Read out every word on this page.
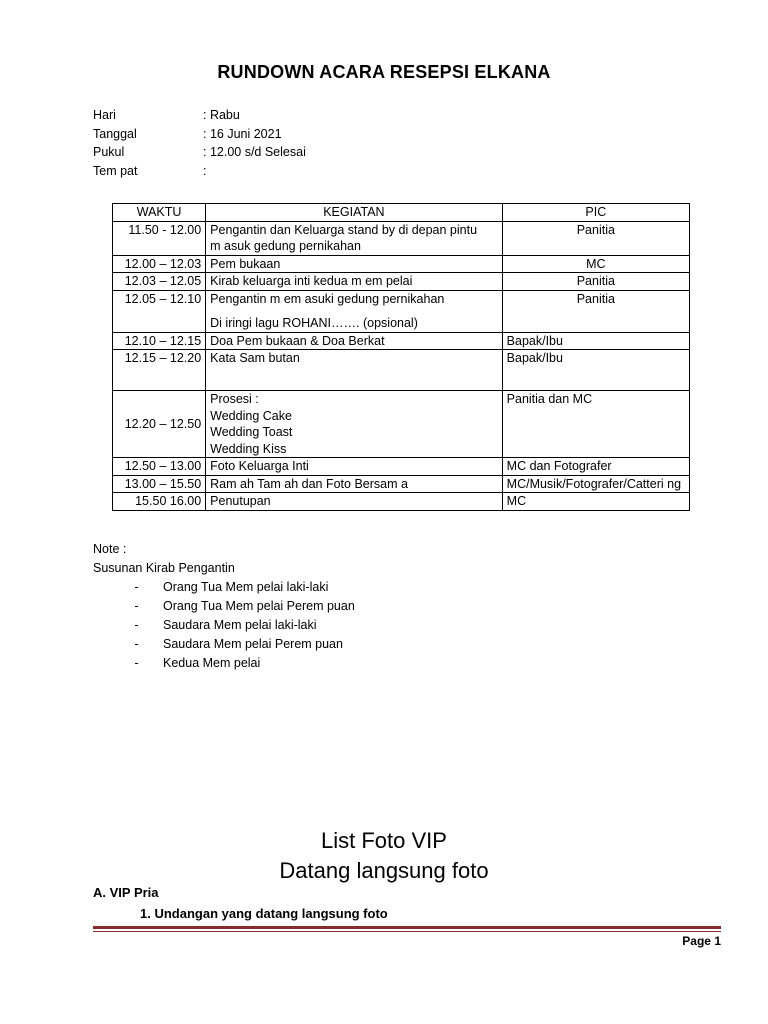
RUNDOWN ACARA RESEPSI ELKANA
Hari	: Rabu
Tanggal	: 16 Juni 2021
Pukul	: 12.00 s/d Selesai
Tem pat	:
WAKTU	KEGIATAN	PIC
11.50 - 12.00	Pengantin dan Keluarga stand by di depan pintu
m asuk gedung pernikahan	Panitia
12.00 – 12.03	Pem bukaan	MC
12.03 – 12.05	Kirab keluarga inti kedua m em pelai	Panitia
12.05 – 12.10	Pengantin m em asuki gedung pernikahan
Di iringi lagu ROHANI……. (opsional)	Panitia
12.10 – 12.15	Doa Pem bukaan & Doa Berkat	Bapak/Ibu
12.15 – 12.20	Kata Sam butan	Bapak/Ibu
12.20 – 12.50	Prosesi :
Wedding Cake
Wedding Toast
Wedding Kiss	Panitia dan MC
12.50 – 13.00	Foto Keluarga Inti	MC dan Fotografer
13.00 – 15.50	Ram ah Tam ah dan Foto Bersam a	MC/Musik/Fotografer/Catteri ng
15.50 16.00	Penutupan	MC
Note :
Susunan Kirab Pengantin
- Orang Tua Mem pelai laki-laki
- Orang Tua Mem pelai Perem puan
- Saudara Mem pelai laki-laki
- Saudara Mem pelai Perem puan
- Kedua Mem pelai
List Foto VIP
Datang langsung foto
A. VIP Pria
1. Undangan yang datang langsung foto
Page 1
